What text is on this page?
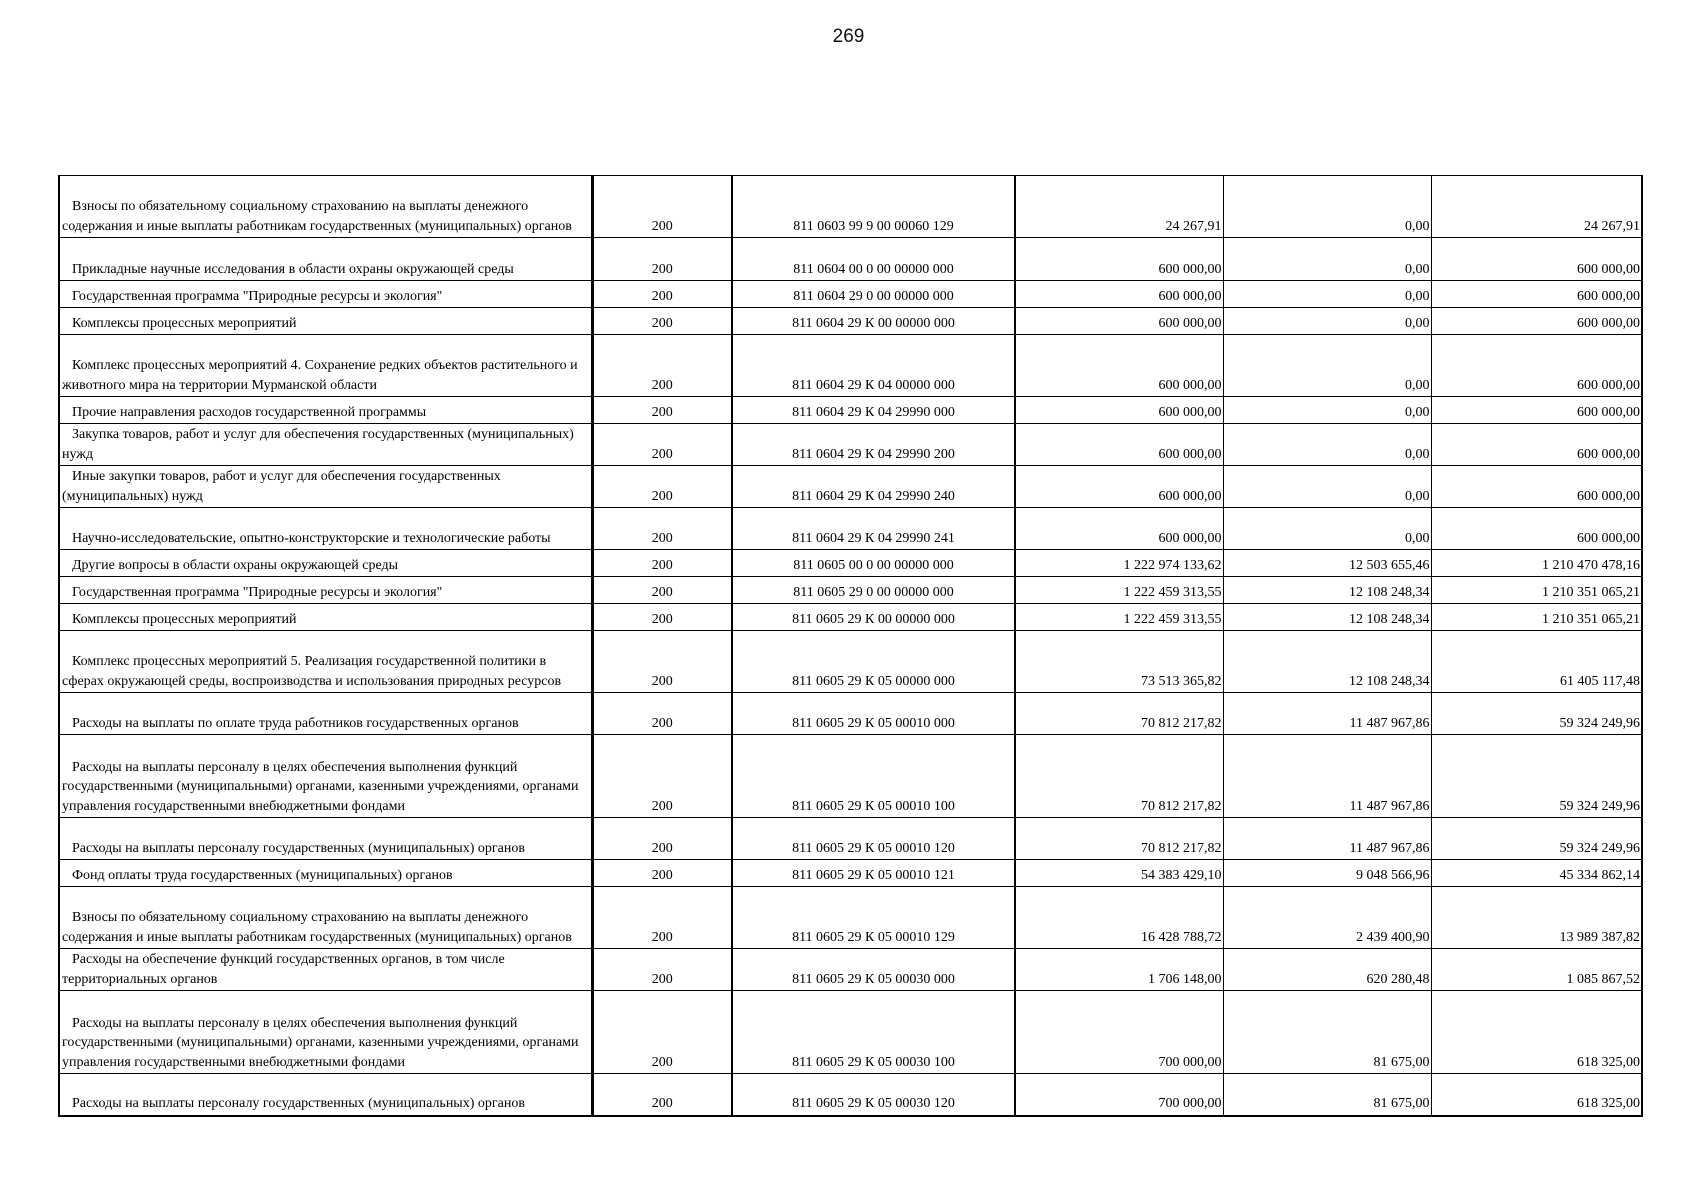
269
Взносы по обязательному социальному страхованию на выплаты денежного содержания и иные выплаты работникам государственных (муниципальных) органов	200	811 0603 99 9 00 00060 129	24 267,91	0,00	24 267,91

Прикладные научные исследования в области охраны окружающей среды	200	811 0604 00 0 00 00000 000	600 000,00	0,00	600 000,00

Государственная программа "Природные ресурсы и экология"	200	811 0604 29 0 00 00000 000	600 000,00	0,00	600 000,00

Комплексы процессных мероприятий	200	811 0604 29 К 00 00000 000	600 000,00	0,00	600 000,00

Комплекс процессных мероприятий 4. Сохранение редких объектов растительного и животного мира на территории Мурманской области	200	811 0604 29 К 04 00000 000	600 000,00	0,00	600 000,00

Прочие направления расходов государственной программы	200	811 0604 29 К 04 29990 000	600 000,00	0,00	600 000,00

Закупка товаров, работ и услуг для обеспечения государственных (муниципальных) нужд	200	811 0604 29 К 04 29990 200	600 000,00	0,00	600 000,00

Иные закупки товаров, работ и услуг для обеспечения государственных (муниципальных) нужд	200	811 0604 29 К 04 29990 240	600 000,00	0,00	600 000,00

Научно-исследовательские, опытно-конструкторские и технологические работы	200	811 0604 29 К 04 29990 241	600 000,00	0,00	600 000,00

Другие вопросы в области охраны окружающей среды	200	811 0605 00 0 00 00000 000	1 222 974 133,62	12 503 655,46	1 210 470 478,16

Государственная программа "Природные ресурсы и экология"	200	811 0605 29 0 00 00000 000	1 222 459 313,55	12 108 248,34	1 210 351 065,21

Комплексы процессных мероприятий	200	811 0605 29 К 00 00000 000	1 222 459 313,55	12 108 248,34	1 210 351 065,21

Комплекс процессных мероприятий 5. Реализация государственной политики в сферах окружающей среды, воспроизводства и использования природных ресурсов	200	811 0605 29 К 05 00000 000	73 513 365,82	12 108 248,34	61 405 117,48

Расходы на выплаты по оплате труда работников государственных органов	200	811 0605 29 К 05 00010 000	70 812 217,82	11 487 967,86	59 324 249,96

Расходы на выплаты персоналу в целях обеспечения выполнения функций государственными (муниципальными) органами, казенными учреждениями, органами управления государственными внебюджетными фондами	200	811 0605 29 К 05 00010 100	70 812 217,82	11 487 967,86	59 324 249,96

Расходы на выплаты персоналу государственных (муниципальных) органов	200	811 0605 29 К 05 00010 120	70 812 217,82	11 487 967,86	59 324 249,96

Фонд оплаты труда государственных (муниципальных) органов	200	811 0605 29 К 05 00010 121	54 383 429,10	9 048 566,96	45 334 862,14

Взносы по обязательному социальному страхованию на выплаты денежного содержания и иные выплаты работникам государственных (муниципальных) органов	200	811 0605 29 К 05 00010 129	16 428 788,72	2 439 400,90	13 989 387,82

Расходы на обеспечение функций государственных органов, в том числе территориальных органов	200	811 0605 29 К 05 00030 000	1 706 148,00	620 280,48	1 085 867,52

Расходы на выплаты персоналу в целях обеспечения выполнения функций государственными (муниципальными) органами, казенными учреждениями, органами управления государственными внебюджетными фондами	200	811 0605 29 К 05 00030 100	700 000,00	81 675,00	618 325,00

Расходы на выплаты персоналу государственных (муниципальных) органов	200	811 0605 29 К 05 00030 120	700 000,00	81 675,00	618 325,00
